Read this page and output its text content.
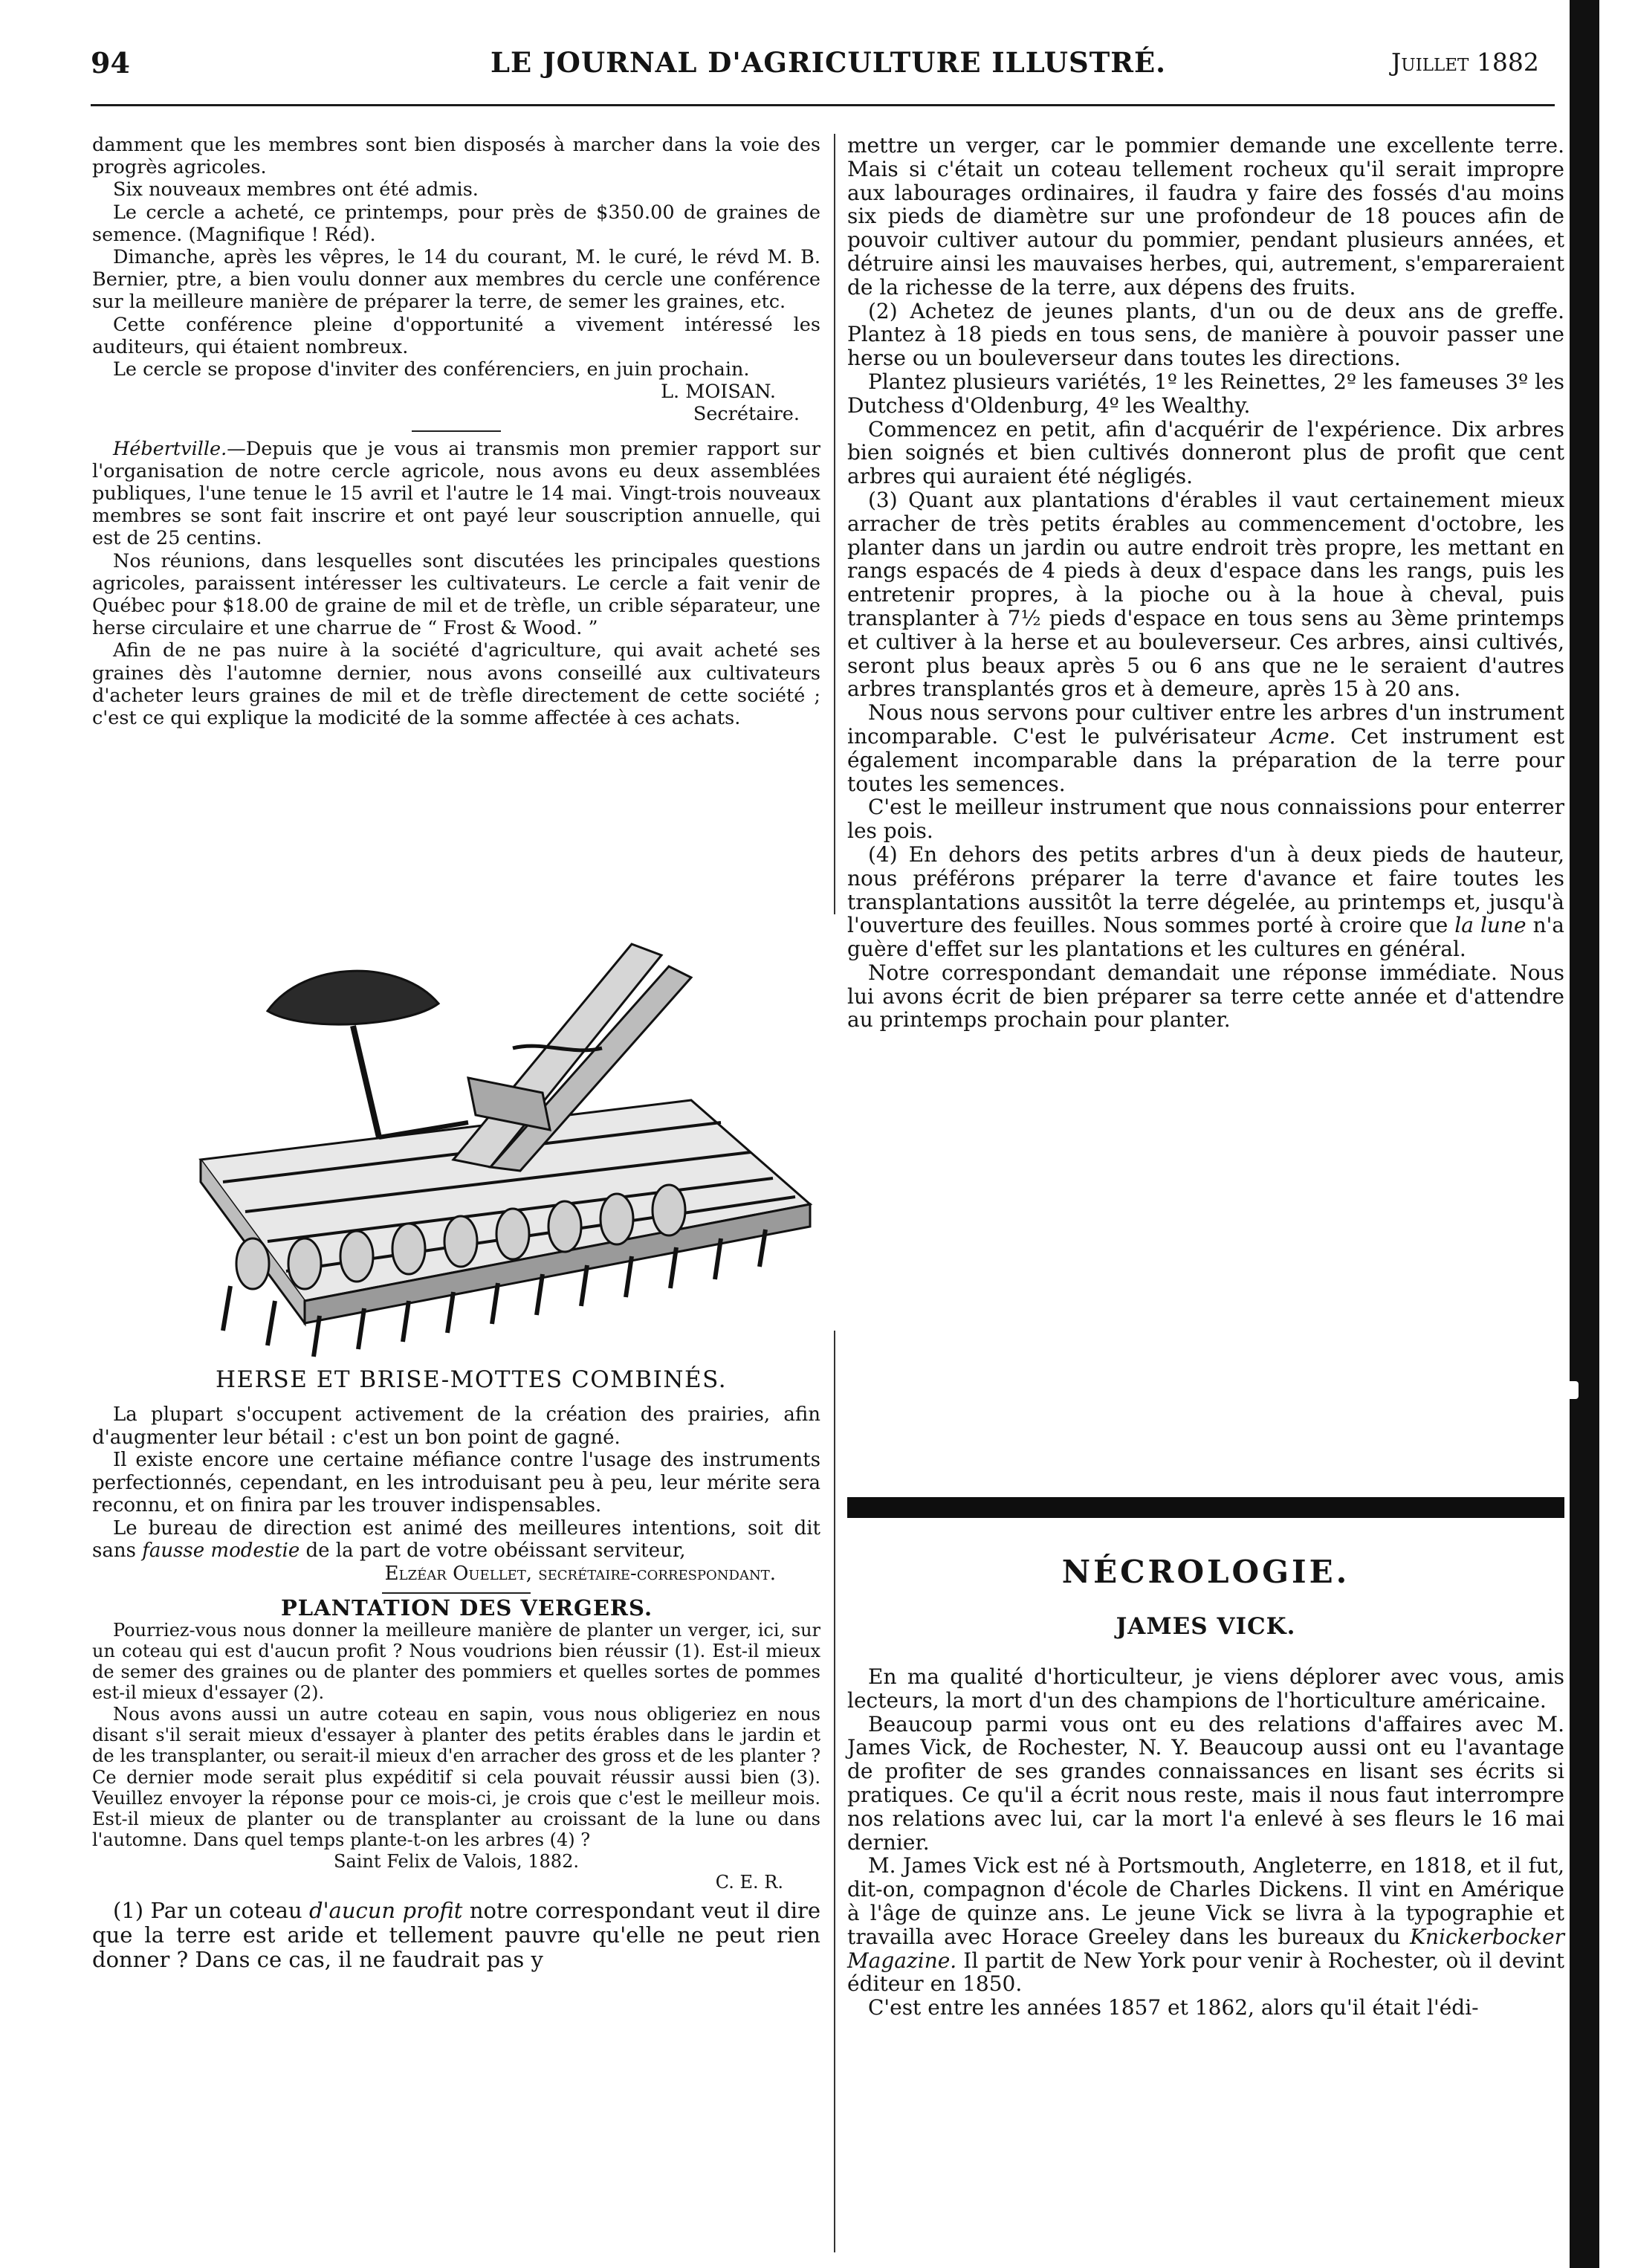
94	LE JOURNAL D'AGRICULTURE ILLUSTRÉ.	Juillet 1882

damment que les membres sont bien disposés à marcher dans la voie des progrès agricoles.

Six nouveaux membres ont été admis.

Le cercle a acheté, ce printemps, pour près de $350.00 de graines de semence. (Magnifique ! Réd).

Dimanche, après les vêpres, le 14 du courant, M. le curé, le révd M. B. Bernier, ptre, a bien voulu donner aux membres du cercle une conférence sur la meilleure manière de préparer la terre, de semer les graines, etc.

Cette conférence pleine d'opportunité a vivement intéressé les auditeurs, qui étaient nombreux.

Le cercle se propose d'inviter des conférenciers, en juin prochain.

L. MOISAN.

Secrétaire.

Hébertville.—Depuis que je vous ai transmis mon premier rapport sur l'organisation de notre cercle agricole, nous avons eu deux assemblées publiques, l'une tenue le 15 avril et l'autre le 14 mai. Vingt-trois nouveaux membres se sont fait inscrire et ont payé leur souscription annuelle, qui est de 25 centins.

Nos réunions, dans lesquelles sont discutées les principales questions agricoles, paraissent intéresser les cultivateurs. Le cercle a fait venir de Québec pour $18.00 de graine de mil et de trèfle, un crible séparateur, une herse circulaire et une charrue de “ Frost & Wood. ”

Afin de ne pas nuire à la société d'agriculture, qui avait acheté ses graines dès l'automne dernier, nous avons conseillé aux cultivateurs d'acheter leurs graines de mil et de trèfle directement de cette société ; c'est ce qui explique la modicité de la somme affectée à ces achats.

HERSE ET BRISE-MOTTES COMBINÉS.

La plupart s'occupent activement de la création des prairies, afin d'augmenter leur bétail : c'est un bon point de gagné.

Il existe encore une certaine méfiance contre l'usage des instruments perfectionnés, cependant, en les introduisant peu à peu, leur mérite sera reconnu, et on finira par les trouver indispensables.

Le bureau de direction est animé des meilleures intentions, soit dit sans fausse modestie de la part de votre obéissant serviteur,

Elzéar Ouellet, secrétaire-correspondant.

PLANTATION DES VERGERS.

Pourriez-vous nous donner la meilleure manière de planter un verger, ici, sur un coteau qui est d'aucun profit ? Nous voudrions bien réussir (1). Est-il mieux de semer des graines ou de planter des pommiers et quelles sortes de pommes est-il mieux d'essayer (2).

Nous avons aussi un autre coteau en sapin, vous nous obligeriez en nous disant s'il serait mieux d'essayer à planter des petits érables dans le jardin et de les transplanter, ou serait-il mieux d'en arracher des gross et de les planter ? Ce dernier mode serait plus expéditif si cela pouvait réussir aussi bien (3). Veuillez envoyer la réponse pour ce mois-ci, je crois que c'est le meilleur mois. Est-il mieux de planter ou de transplanter au croissant de la lune ou dans l'automne. Dans quel temps plante-t-on les arbres (4) ?

Saint Felix de Valois, 1882.

C. E. R.

(1) Par un coteau d'aucun profit notre correspondant veut il dire que la terre est aride et tellement pauvre qu'elle ne peut rien donner ? Dans ce cas, il ne faudrait pas y

mettre un verger, car le pommier demande une excellente terre. Mais si c'était un coteau tellement rocheux qu'il serait impropre aux labourages ordinaires, il faudra y faire des fossés d'au moins six pieds de diamètre sur une profondeur de 18 pouces afin de pouvoir cultiver autour du pommier, pendant plusieurs années, et détruire ainsi les mauvaises herbes, qui, autrement, s'empareraient de la richesse de la terre, aux dépens des fruits.

(2) Achetez de jeunes plants, d'un ou de deux ans de greffe. Plantez à 18 pieds en tous sens, de manière à pouvoir passer une herse ou un bouleverseur dans toutes les directions.

Plantez plusieurs variétés, 1º les Reinettes, 2º les fameuses 3º les Dutchess d'Oldenburg, 4º les Wealthy.

Commencez en petit, afin d'acquérir de l'expérience. Dix arbres bien soignés et bien cultivés donneront plus de profit que cent arbres qui auraient été négligés.

(3) Quant aux plantations d'érables il vaut certainement mieux arracher de très petits érables au commencement d'octobre, les planter dans un jardin ou autre endroit très propre, les mettant en rangs espacés de 4 pieds à deux d'espace dans les rangs, puis les entretenir propres, à la pioche ou à la houe à cheval, puis transplanter à 7½ pieds d'espace en tous sens au 3ème printemps et cultiver à la herse et au bouleverseur. Ces arbres, ainsi cultivés, seront plus beaux après 5 ou 6 ans que ne le seraient d'autres arbres transplantés gros et à demeure, après 15 à 20 ans.

Nous nous servons pour cultiver entre les arbres d'un instrument incomparable. C'est le pulvérisateur Acme. Cet instrument est également incomparable dans la préparation de la terre pour toutes les semences.

C'est le meilleur instrument que nous connaissions pour enterrer les pois.

(4) En dehors des petits arbres d'un à deux pieds de hauteur, nous préférons préparer la terre d'avance et faire toutes les transplantations aussitôt la terre dégelée, au printemps et, jusqu'à l'ouverture des feuilles. Nous sommes porté à croire que la lune n'a guère d'effet sur les plantations et les cultures en général.

Notre correspondant demandait une réponse immédiate. Nous lui avons écrit de bien préparer sa terre cette année et d'attendre au printemps prochain pour planter.

NÉCROLOGIE.
JAMES VICK.

En ma qualité d'horticulteur, je viens déplorer avec vous, amis lecteurs, la mort d'un des champions de l'horticulture américaine.

Beaucoup parmi vous ont eu des relations d'affaires avec M. James Vick, de Rochester, N. Y. Beaucoup aussi ont eu l'avantage de profiter de ses grandes connaissances en lisant ses écrits si pratiques. Ce qu'il a écrit nous reste, mais il nous faut interrompre nos relations avec lui, car la mort l'a enlevé à ses fleurs le 16 mai dernier.

M. James Vick est né à Portsmouth, Angleterre, en 1818, et il fut, dit-on, compagnon d'école de Charles Dickens. Il vint en Amérique à l'âge de quinze ans. Le jeune Vick se livra à la typographie et travailla avec Horace Greeley dans les bureaux du Knickerbocker Magazine. Il partit de New York pour venir à Rochester, où il devint éditeur en 1850.

C'est entre les années 1857 et 1862, alors qu'il était l'édi-
